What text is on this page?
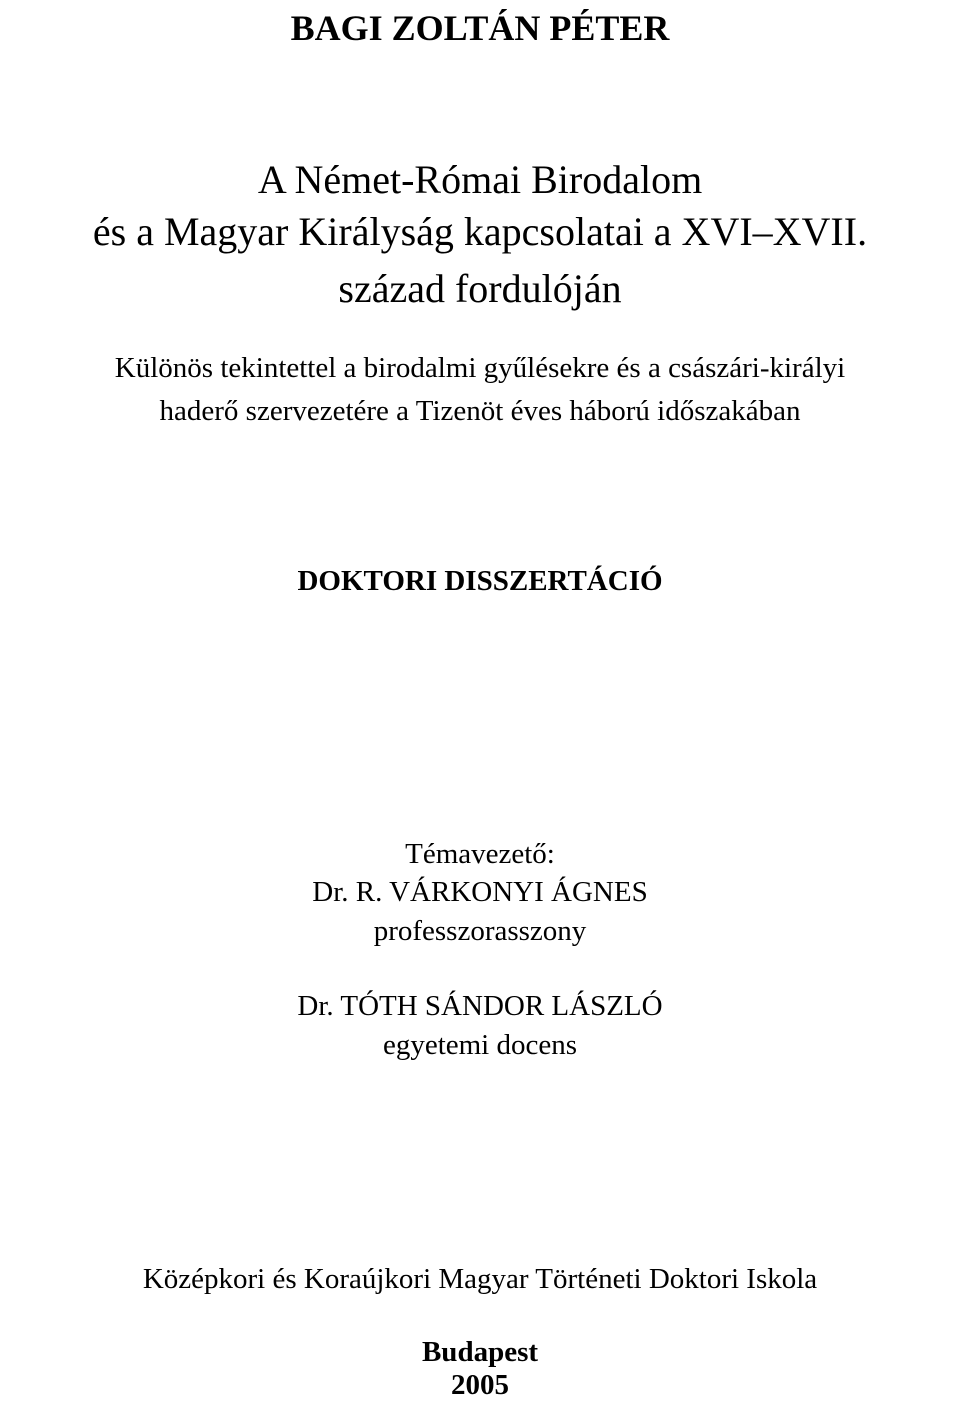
BAGI ZOLTÁN PÉTER

A Német-Római Birodalom

és a Magyar Királyság kapcsolatai a XVI–XVII.

század fordulóján

Különös tekintettel a birodalmi gyűlésekre és a császári-királyi

haderő szervezetére a Tizenöt éves háború időszakában

DOKTORI DISSZERTÁCIÓ

Témavezető:

Dr. R. VÁRKONYI ÁGNES

professzorasszony

Dr. TÓTH SÁNDOR LÁSZLÓ

egyetemi docens

Középkori és Koraújkori Magyar Történeti Doktori Iskola

Budapest

2005
